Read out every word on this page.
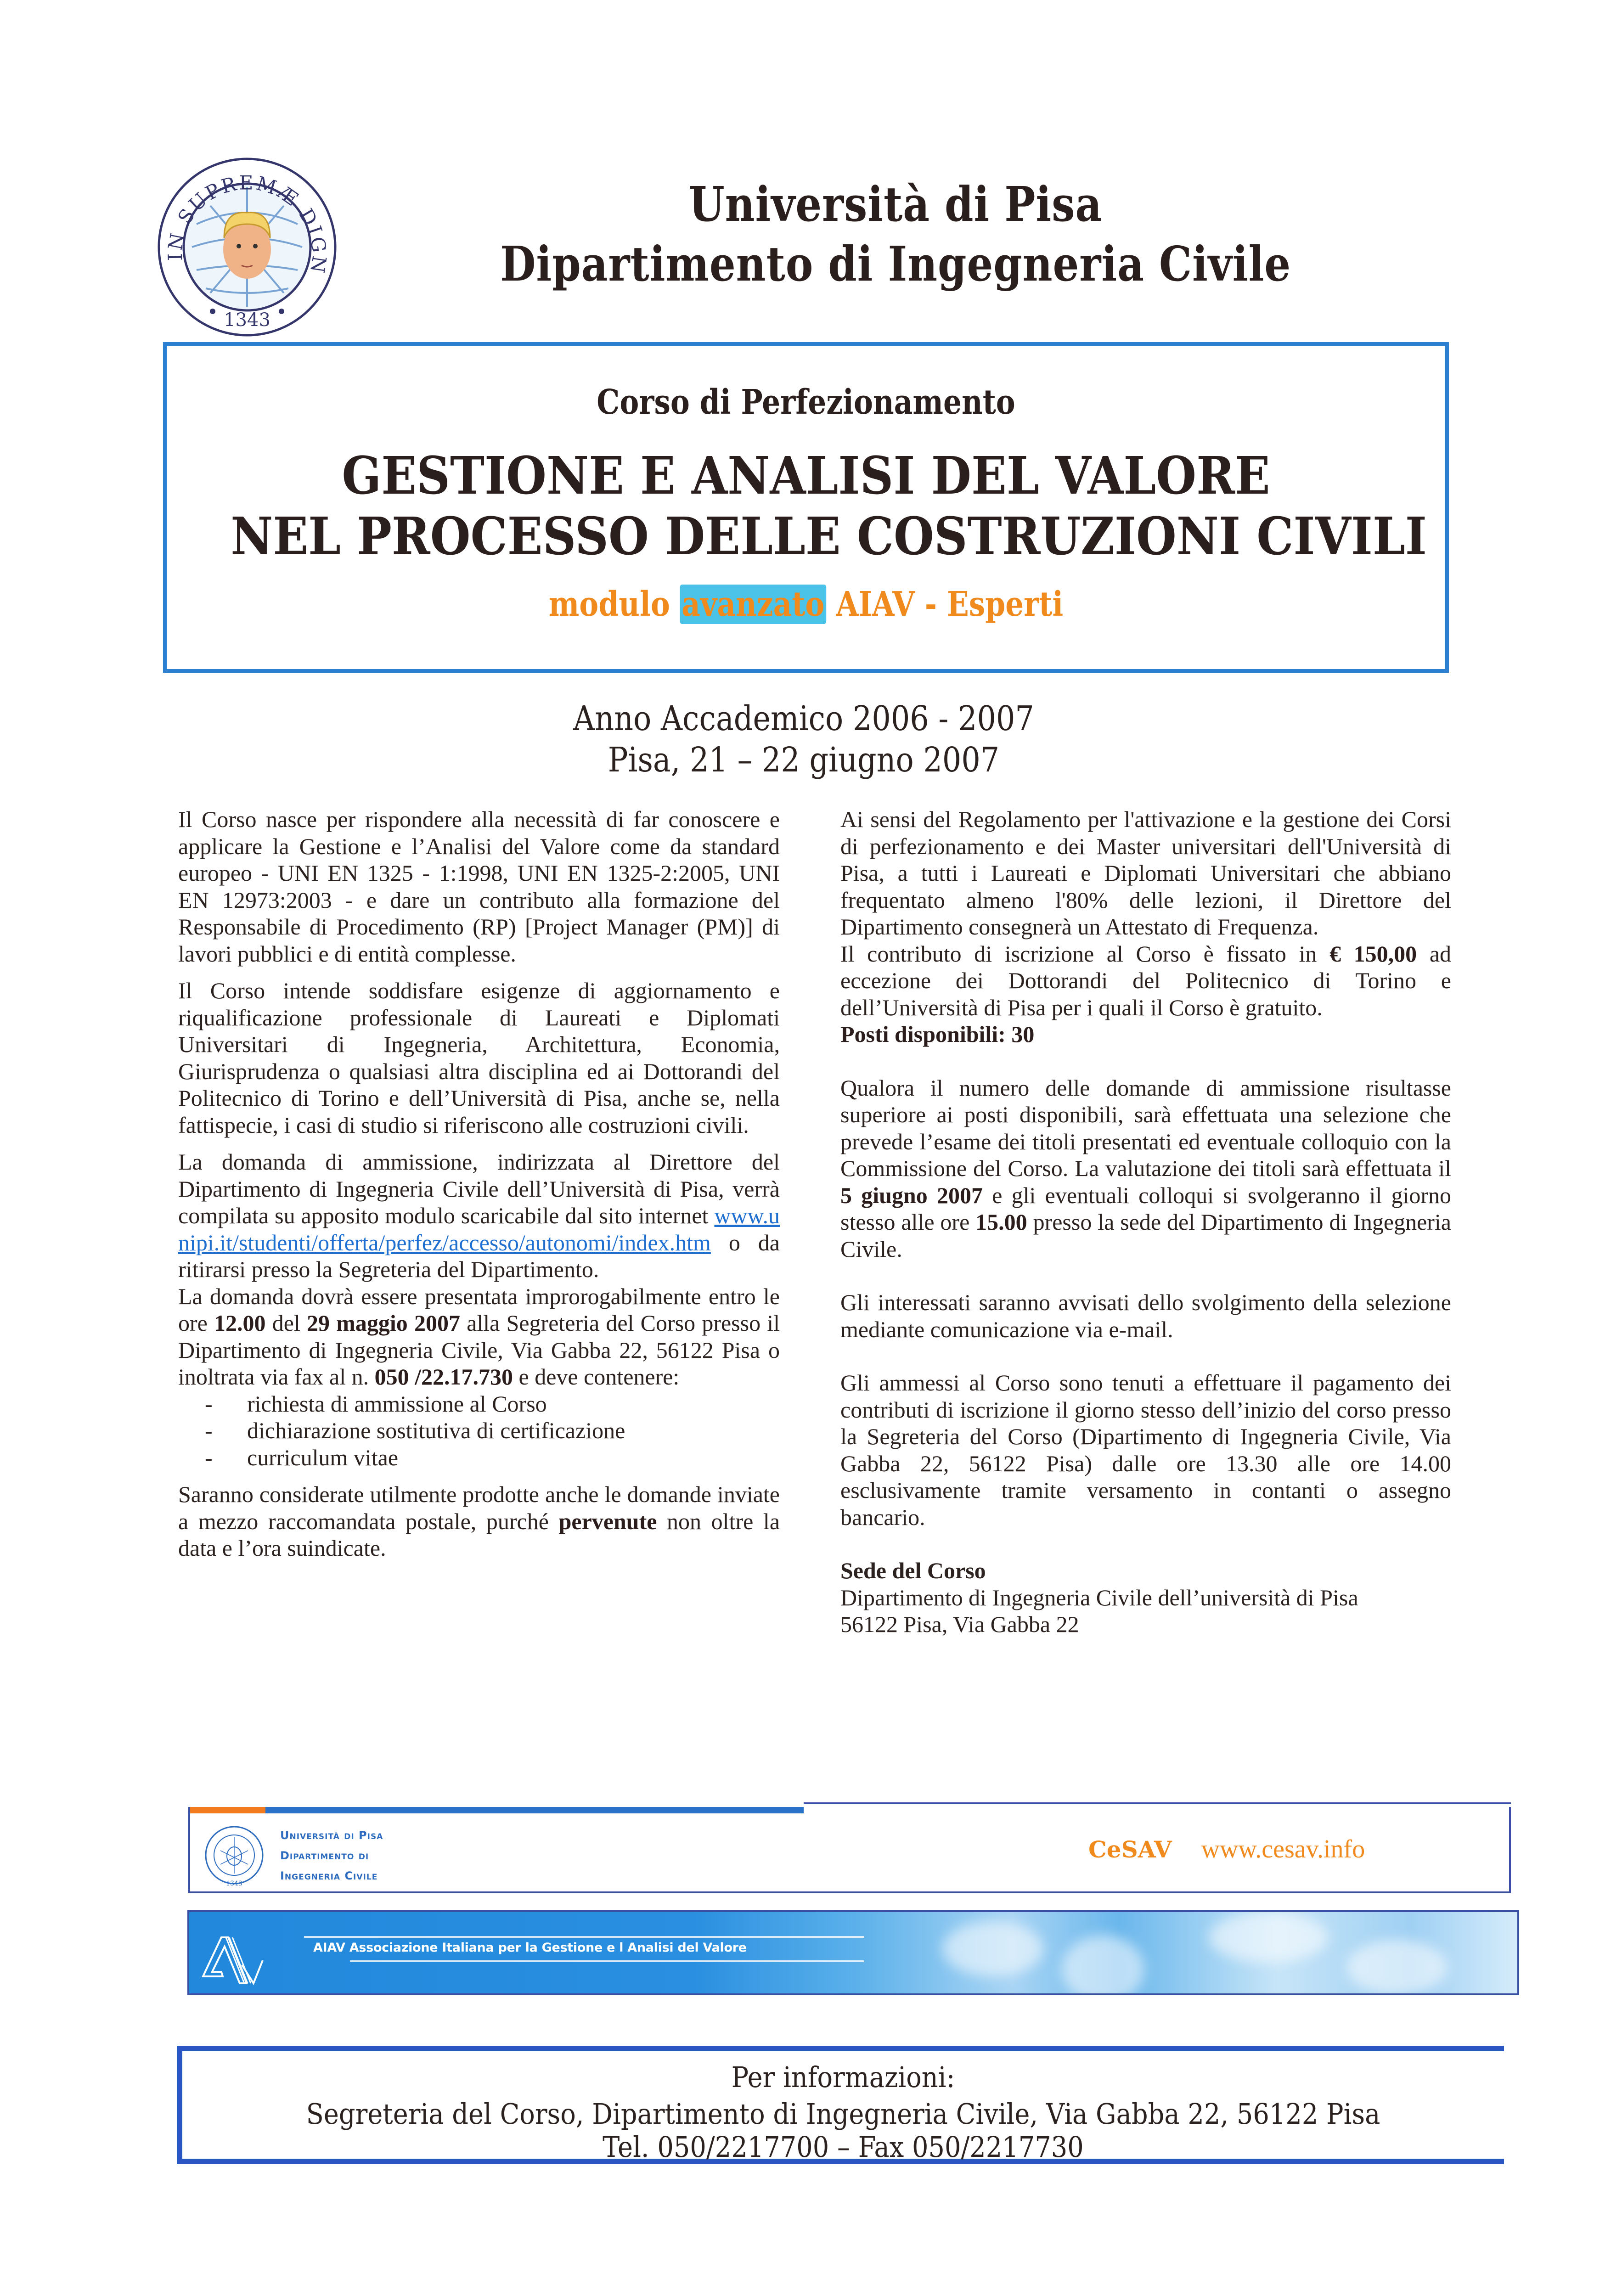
IN SUPREMÆ DIGN
1343
Università di Pisa
Dipartimento di Ingegneria Civile
Corso di Perfezionamento
GESTIONE E ANALISI DEL VALORE
NEL PROCESSO DELLE COSTRUZIONI CIVILI
modulo avanzato AIAV - Esperti
Anno Accademico 2006 - 2007
Pisa, 21 – 22 giugno 2007

Il Corso nasce per rispondere alla necessità di far conoscere e applicare la Gestione e l’Analisi del Valore come da standard europeo - UNI EN 1325 - 1:1998, UNI EN 1325-2:2005, UNI EN 12973:2003 - e dare un contributo alla formazione del Responsabile di Procedimento (RP) [Project Manager (PM)] di lavori pubblici e di entità complesse.

Il Corso intende soddisfare esigenze di aggiornamento e riqualificazione professionale di Laureati e Diplomati Universitari di Ingegneria, Architettura, Economia, Giurisprudenza o qualsiasi altra disciplina ed ai Dottorandi del Politecnico di Torino e dell’Università di Pisa, anche se, nella fattispecie, i casi di studio si riferiscono alle costruzioni civili.

La domanda di ammissione, indirizzata al Direttore del Dipartimento di Ingegneria Civile dell’Università di Pisa, verrà compilata su apposito modulo scaricabile dal sito internet www.unipi.it/studenti/offerta/perfez/accesso/autonomi/index.htm o da ritirarsi presso la Segreteria del Dipartimento.

La domanda dovrà essere presentata improrogabilmente entro le ore 12.00 del 29 maggio 2007 alla Segreteria del Corso presso il Dipartimento di Ingegneria Civile, Via Gabba 22, 56122 Pisa o inoltrata via fax al n. 050 /22.17.730 e deve contenere:

- richiesta di ammissione al Corso
- dichiarazione sostitutiva di certificazione
- curriculum vitae

Saranno considerate utilmente prodotte anche le domande inviate a mezzo raccomandata postale, purché pervenute non oltre la data e l’ora suindicate.

Ai sensi del Regolamento per l'attivazione e la gestione dei Corsi di perfezionamento e dei Master universitari dell'Università di Pisa, a tutti i Laureati e Diplomati Universitari che abbiano frequentato almeno l'80% delle lezioni, il Direttore del Dipartimento consegnerà un Attestato di Frequenza.

Il contributo di iscrizione al Corso è fissato in € 150,00 ad eccezione dei Dottorandi del Politecnico di Torino e dell’Università di Pisa per i quali il Corso è gratuito.

Posti disponibili: 30

Qualora il numero delle domande di ammissione risultasse superiore ai posti disponibili, sarà effettuata una selezione che prevede l’esame dei titoli presentati ed eventuale colloquio con la Commissione del Corso. La valutazione dei titoli sarà effettuata il 5 giugno 2007 e gli eventuali colloqui si svolgeranno il giorno stesso alle ore 15.00 presso la sede del Dipartimento di Ingegneria Civile.

Gli interessati saranno avvisati dello svolgimento della selezione mediante comunicazione via e-mail.

Gli ammessi al Corso sono tenuti a effettuare il pagamento dei contributi di iscrizione il giorno stesso dell’inizio del corso presso la Segreteria del Corso (Dipartimento di Ingegneria Civile, Via Gabba 22, 56122 Pisa) dalle ore 13.30 alle ore 14.00 esclusivamente tramite versamento in contanti o assegno bancario.

Sede del Corso

Dipartimento di Ingegneria Civile dell’università di Pisa

56122 Pisa, Via Gabba 22

1343
Università di Pisa
Dipartimento di
Ingegneria Civile
CeSAV www.cesav.info
AIAV Associazione Italiana per la Gestione e l Analisi del Valore
Per informazioni:
Segreteria del Corso, Dipartimento di Ingegneria Civile, Via Gabba 22, 56122 Pisa
Tel. 050/2217700 – Fax 050/2217730
